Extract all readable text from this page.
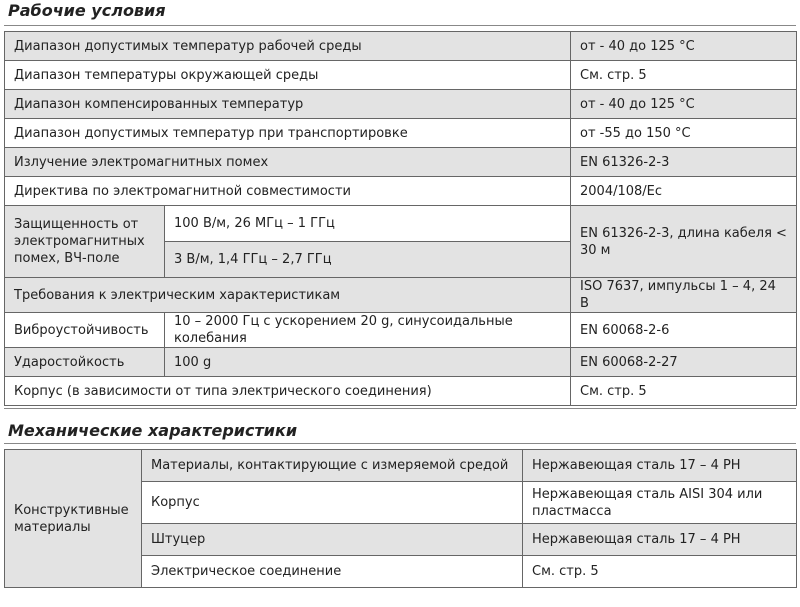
Рабочие условия
Диапазон допустимых температур рабочей среды		от - 40 до 125 °C
Диапазон температуры окружающей среды		См. стр. 5
Диапазон компенсированных температур		от - 40 до 125 °C
Диапазон допустимых температур при транспортировке		от -55 до 150 °C
Излучение электромагнитных помех		EN 61326-2-3
Директива по электромагнитной совместимости		2004/108/Ec
Защищенность от электромагнитных помех, ВЧ-поле	100 В/м, 26 МГц – 1 ГГц	EN 61326-2-3, длина кабеля < 30 м
	3 В/м, 1,4 ГГц – 2,7 ГГц	
Требования к электрическим характеристикам		ISO 7637, импульсы 1 – 4, 24 В
Виброустойчивость	10 – 2000 Гц с ускорением 20 g, синусоидальные колебания	EN 60068-2-6
Ударостойкость	100 g	EN 60068-2-27
Корпус (в зависимости от типа электрического соединения)		См. стр. 5
Механические характеристики
Конструктивные материалы	Материалы, контактирующие с измеряемой средой	Нержавеющая сталь 17 – 4 PH
	Корпус	Нержавеющая сталь AISI 304 или пластмасса
	Штуцер	Нержавеющая сталь 17 – 4 PH
	Электрическое соединение	См. стр. 5
